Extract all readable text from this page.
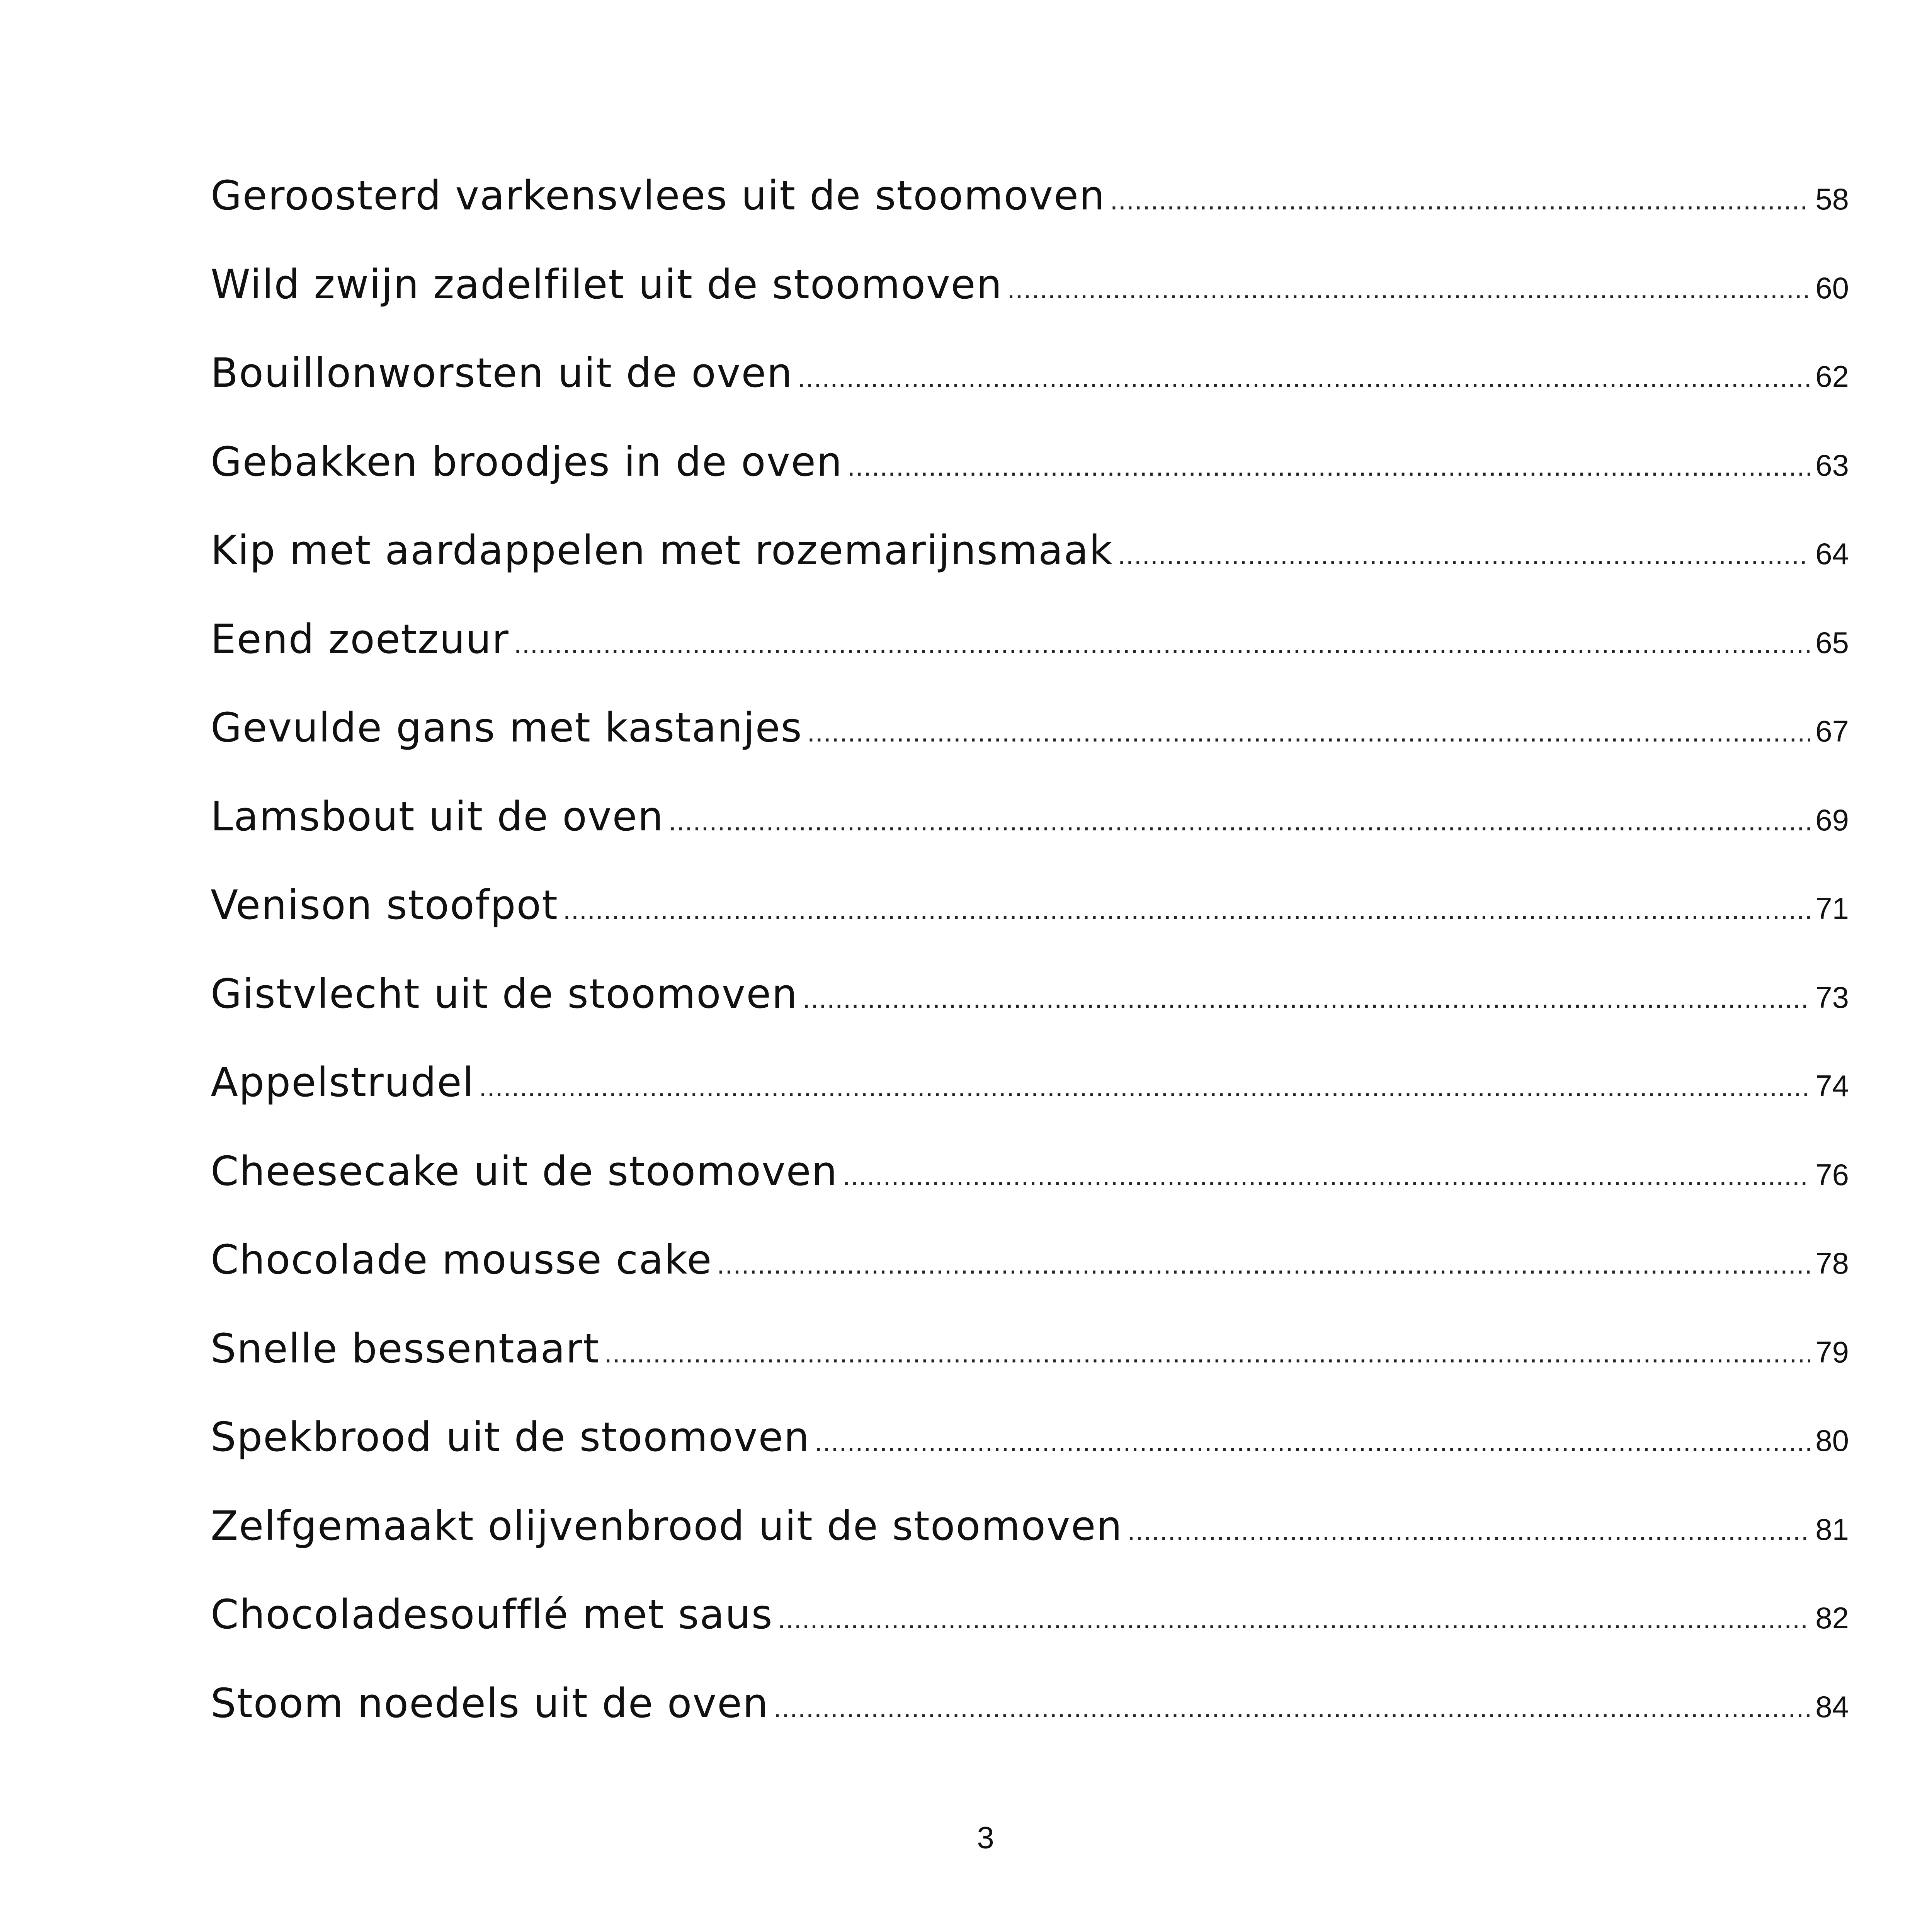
Geroosterd varkensvlees uit de stoomoven .....	58
Wild zwijn zadelfilet uit de stoomoven .....	60
Bouillonworsten uit de oven .....	62
Gebakken broodjes in de oven .....	63
Kip met aardappelen met rozemarijnsmaak .....	64
Eend zoetzuur .....	65
Gevulde gans met kastanjes .....	67
Lamsbout uit de oven .....	69
Venison stoofpot .....	71
Gistvlecht uit de stoomoven .....	73
Appelstrudel .....	74
Cheesecake uit de stoomoven .....	76
Chocolade mousse cake .....	78
Snelle bessentaart .....	79
Spekbrood uit de stoomoven .....	80
Zelfgemaakt olijvenbrood uit de stoomoven .....	81
Chocoladesoufflé met saus .....	82
Stoom noedels uit de oven .....	84
3
